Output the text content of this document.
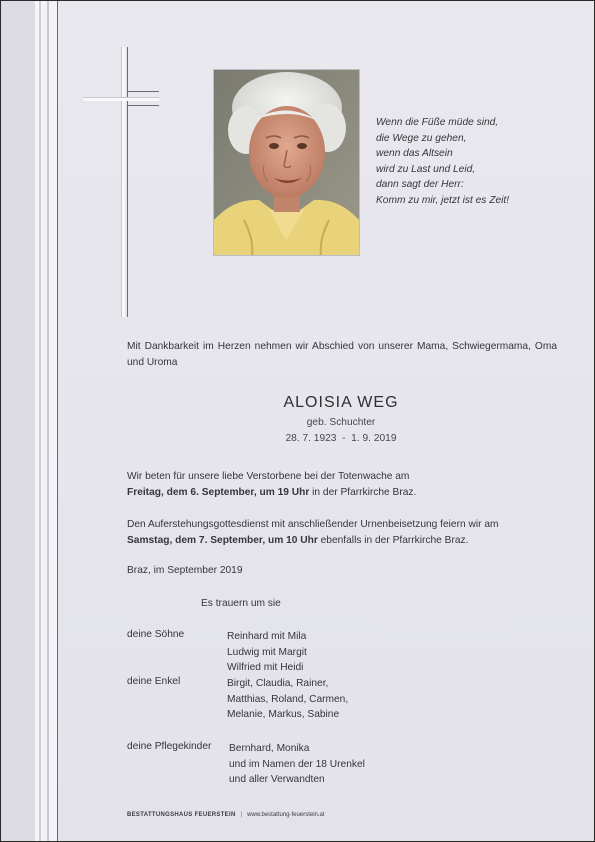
Wenn die Füße müde sind,
die Wege zu gehen,
wenn das Altsein
wird zu Last und Leid,
dann sagt der Herr:
Komm zu mir, jetzt ist es Zeit!
Mit Dankbarkeit im Herzen nehmen wir Abschied von unserer Mama, Schwiegermama, Oma und Uroma
ALOISIA WEG
geb. Schuchter
28. 7. 1923  -  1. 9. 2019
Wir beten für unsere liebe Verstorbene bei der Totenwache am
Freitag, dem 6. September, um 19 Uhr in der Pfarrkirche Braz.
Den Auferstehungsgottesdienst mit anschließender Urnenbeisetzung feiern wir am
Samstag, dem 7. September, um 10 Uhr ebenfalls in der Pfarrkirche Braz.
Braz, im September 2019
Es trauern um sie
deine Söhne	Reinhard mit Mila
Ludwig mit Margit
Wilfried mit Heidi
deine Enkel	Birgit, Claudia, Rainer,
Matthias, Roland, Carmen,
Melanie, Markus, Sabine
deine Pflegekinder Bernhard, Monika
und im Namen der 18 Urenkel
und aller Verwandten
BESTATTUNGSHAUS FEUERSTEIN | www.bestattung-feuerstein.at
